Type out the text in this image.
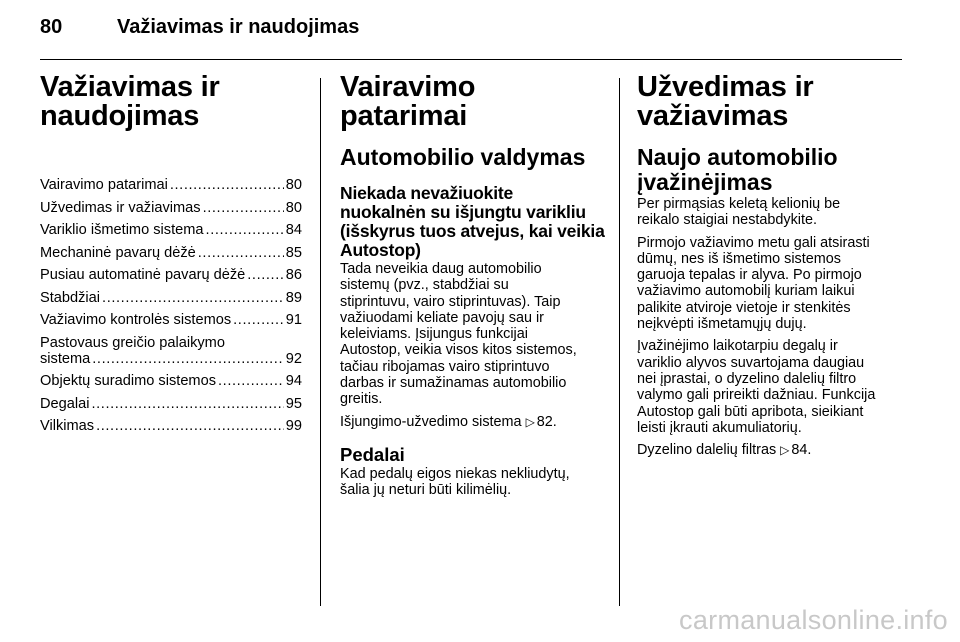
80	Važiavimas ir naudojimas
Važiavimas ir
naudojimas
Vairavimo patarimai .....	80
Užvedimas ir važiavimas .....	80
Variklio išmetimo sistema .....	84
Mechaninė pavarų dėžė .....	85
Pusiau automatinė pavarų dėžė .....	86
Stabdžiai .....	89
Važiavimo kontrolės sistemos .....	91
Pastovaus greičio palaikymo
sistema .....	92
Objektų suradimo sistemos .....	94
Degalai .....	95
Vilkimas .....	99
Vairavimo patarimai
Automobilio valdymas
Niekada nevažiuokite
nuokalnėn su išjungtu varikliu
(išskyrus tuos atvejus, kai veikia
Autostop)

Tada neveikia daug automobilio
sistemų (pvz., stabdžiai su
stiprintuvu, vairo stiprintuvas). Taip
važiuodami keliate pavojų sau ir
keleiviams. Įsijungus funkcijai
Autostop, veikia visos kitos sistemos,
tačiau ribojamas vairo stiprintuvo
darbas ir sumažinamas automobilio
greitis.

Išjungimo-užvedimo sistema ▷ 82.

Pedalai

Kad pedalų eigos niekas nekliudytų,
šalia jų neturi būti kilimėlių.

Užvedimas ir
važiavimas
Naujo automobilio
įvažinėjimas

Per pirmąsias keletą kelionių be
reikalo staigiai nestabdykite.

Pirmojo važiavimo metu gali atsirasti
dūmų, nes iš išmetimo sistemos
garuoja tepalas ir alyva. Po pirmojo
važiavimo automobilį kuriam laikui
palikite atviroje vietoje ir stenkitės
neįkvėpti išmetamųjų dujų.

Įvažinėjimo laikotarpiu degalų ir
variklio alyvos suvartojama daugiau
nei įprastai, o dyzelino dalelių filtro
valymo gali prireikti dažniau. Funkcija
Autostop gali būti apribota, sieikiant
leisti įkrauti akumuliatorių.

Dyzelino dalelių filtras ▷ 84.

carmanualsonline.info
